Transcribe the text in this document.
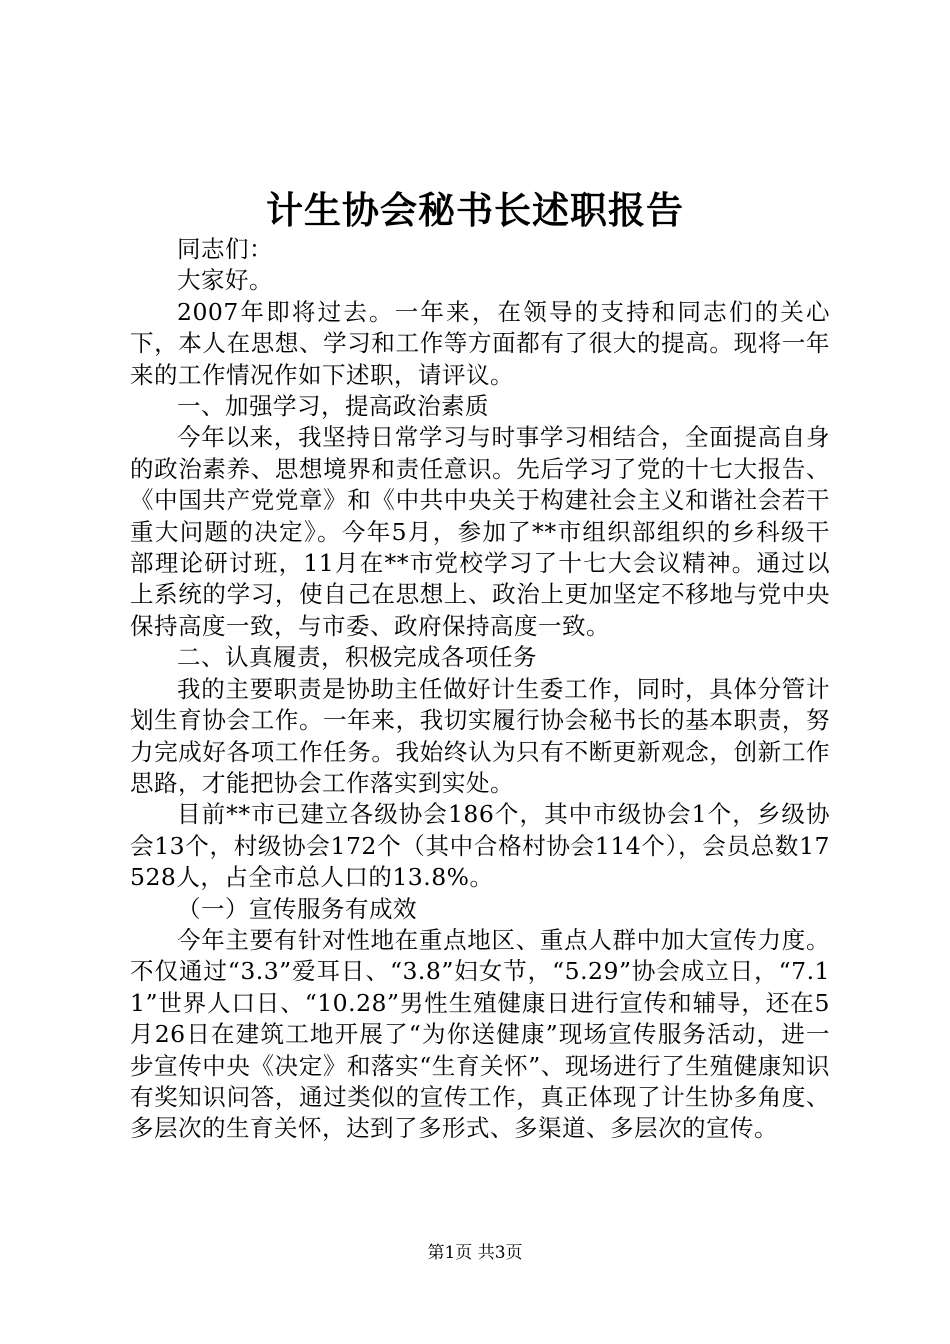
计生协会秘书长述职报告

同志们：

大家好。

2007年即将过去。一年来，在领导的支持和同志们的关心下，本人在思想、学习和工作等方面都有了很大的提高。现将一年来的工作情况作如下述职，请评议。

一、加强学习，提高政治素质

今年以来，我坚持日常学习与时事学习相结合，全面提高自身的政治素养、思想境界和责任意识。先后学习了党的十七大报告、《中国共产党党章》和《中共中央关于构建社会主义和谐社会若干重大问题的决定》。今年5月，参加了**市组织部组织的乡科级干部理论研讨班，11月在**市党校学习了十七大会议精神。通过以上系统的学习，使自己在思想上、政治上更加坚定不移地与党中央保持高度一致，与市委、政府保持高度一致。

二、认真履责，积极完成各项任务

我的主要职责是协助主任做好计生委工作，同时，具体分管计划生育协会工作。一年来，我切实履行协会秘书长的基本职责，努力完成好各项工作任务。我始终认为只有不断更新观念，创新工作思路，才能把协会工作落实到实处。

目前**市已建立各级协会186个，其中市级协会1个，乡级协会13个，村级协会172个（其中合格村协会114个），会员总数17528人，占全市总人口的13.8%。

（一）宣传服务有成效

今年主要有针对性地在重点地区、重点人群中加大宣传力度。不仅通过“3.3”爱耳日、“3.8”妇女节，“5.29”协会成立日，“7.11”世界人口日、“10.28”男性生殖健康日进行宣传和辅导，还在5月26日在建筑工地开展了“为你送健康”现场宣传服务活动，进一步宣传中央《决定》和落实“生育关怀”、现场进行了生殖健康知识有奖知识问答，通过类似的宣传工作，真正体现了计生协多角度、多层次的生育关怀，达到了多形式、多渠道、多层次的宣传。

第1页 共3页
